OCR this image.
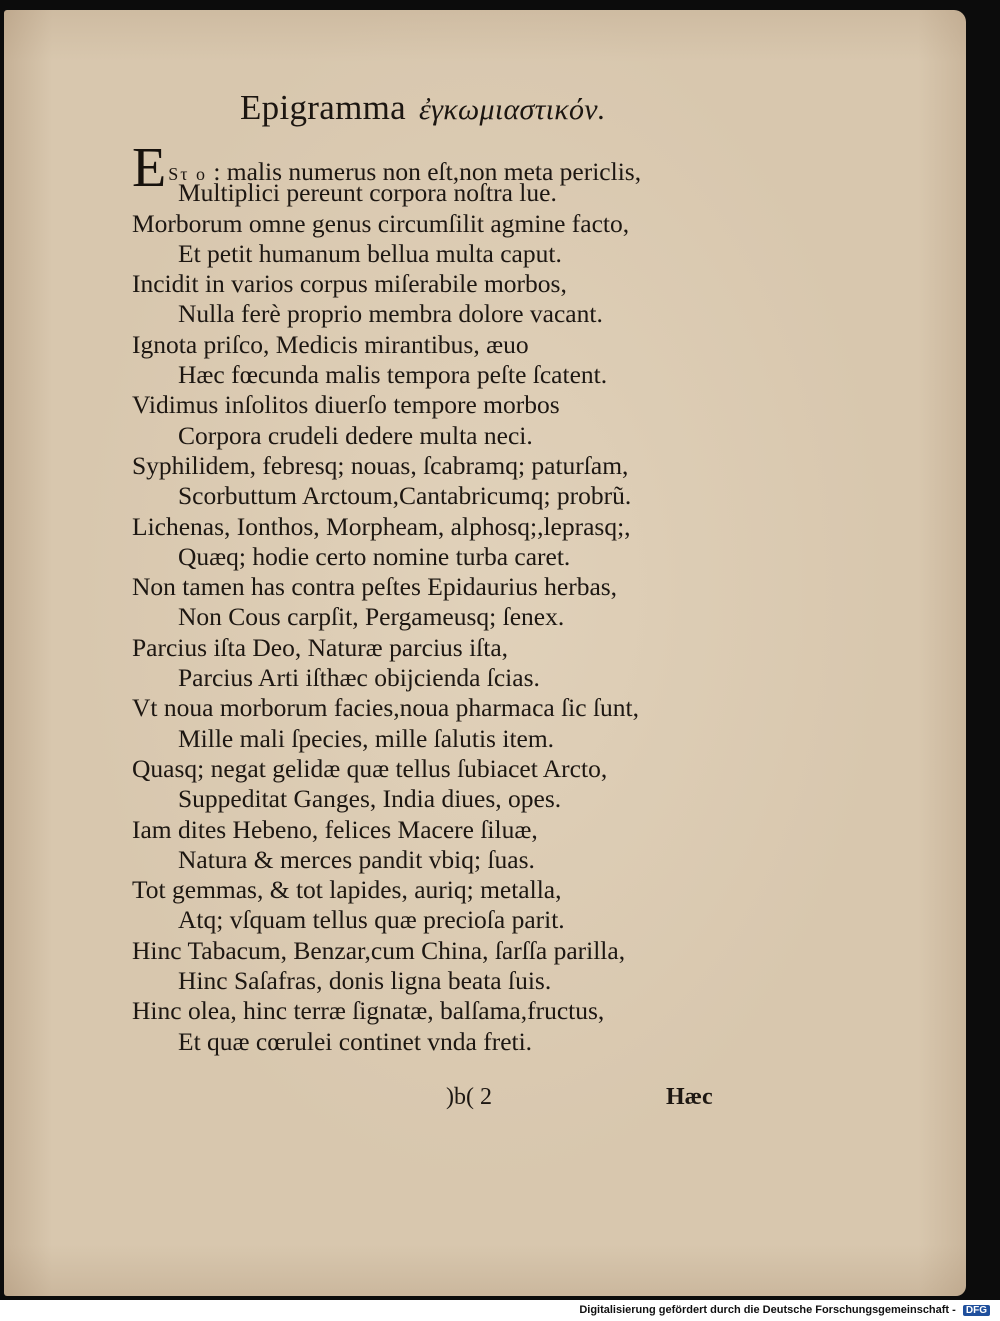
Epigramma ἐγκωμιαστικόν.
E Sτ o : malis numerus non eſt,non meta periclis,
Multiplici pereunt corpora noſtra lue.
Morborum omne genus circumſilit agmine facto,
Et petit humanum bellua multa caput.
Incidit in varios corpus miſerabile morbos,
Nulla ferè proprio membra dolore vacant.
Ignota priſco, Medicis mirantibus, æuo
Hæc fœcunda malis tempora peſte ſcatent.
Vidimus inſolitos diuerſo tempore morbos
Corpora crudeli dedere multa neci.
Syphilidem, febresq; nouas, ſcabramq; paturſam,
Scorbuttum Arctoum,Cantabricumq; probrũ.
Lichenas, Ionthos, Morpheam, alphosq;,leprasq;,
Quæq; hodie certo nomine turba caret.
Non tamen has contra peſtes Epidaurius herbas,
Non Cous carpſit, Pergameusq; ſenex.
Parcius iſta Deo, Naturæ parcius iſta,
Parcius Arti iſthæc obijcienda ſcias.
Vt noua morborum facies,noua pharmaca ſic ſunt,
Mille mali ſpecies, mille ſalutis item.
Quasq; negat gelidæ quæ tellus ſubiacet Arcto,
Suppeditat Ganges, India diues, opes.
Iam dites Hebeno, felices Macere ſiluæ,
Natura & merces pandit vbiq; ſuas.
Tot gemmas, & tot lapides, auriq; metalla,
Atq; vſquam tellus quæ precioſa parit.
Hinc Tabacum, Benzar,cum China, ſarſſa parilla,
Hinc Saſafras, donis ligna beata ſuis.
Hinc olea, hinc terræ ſignatæ, balſama,fructus,
Et quæ cœrulei continet vnda freti.
)b( 2	Hæc
Digitalisierung gefördert durch die Deutsche Forschungsgemeinschaft - DFG
